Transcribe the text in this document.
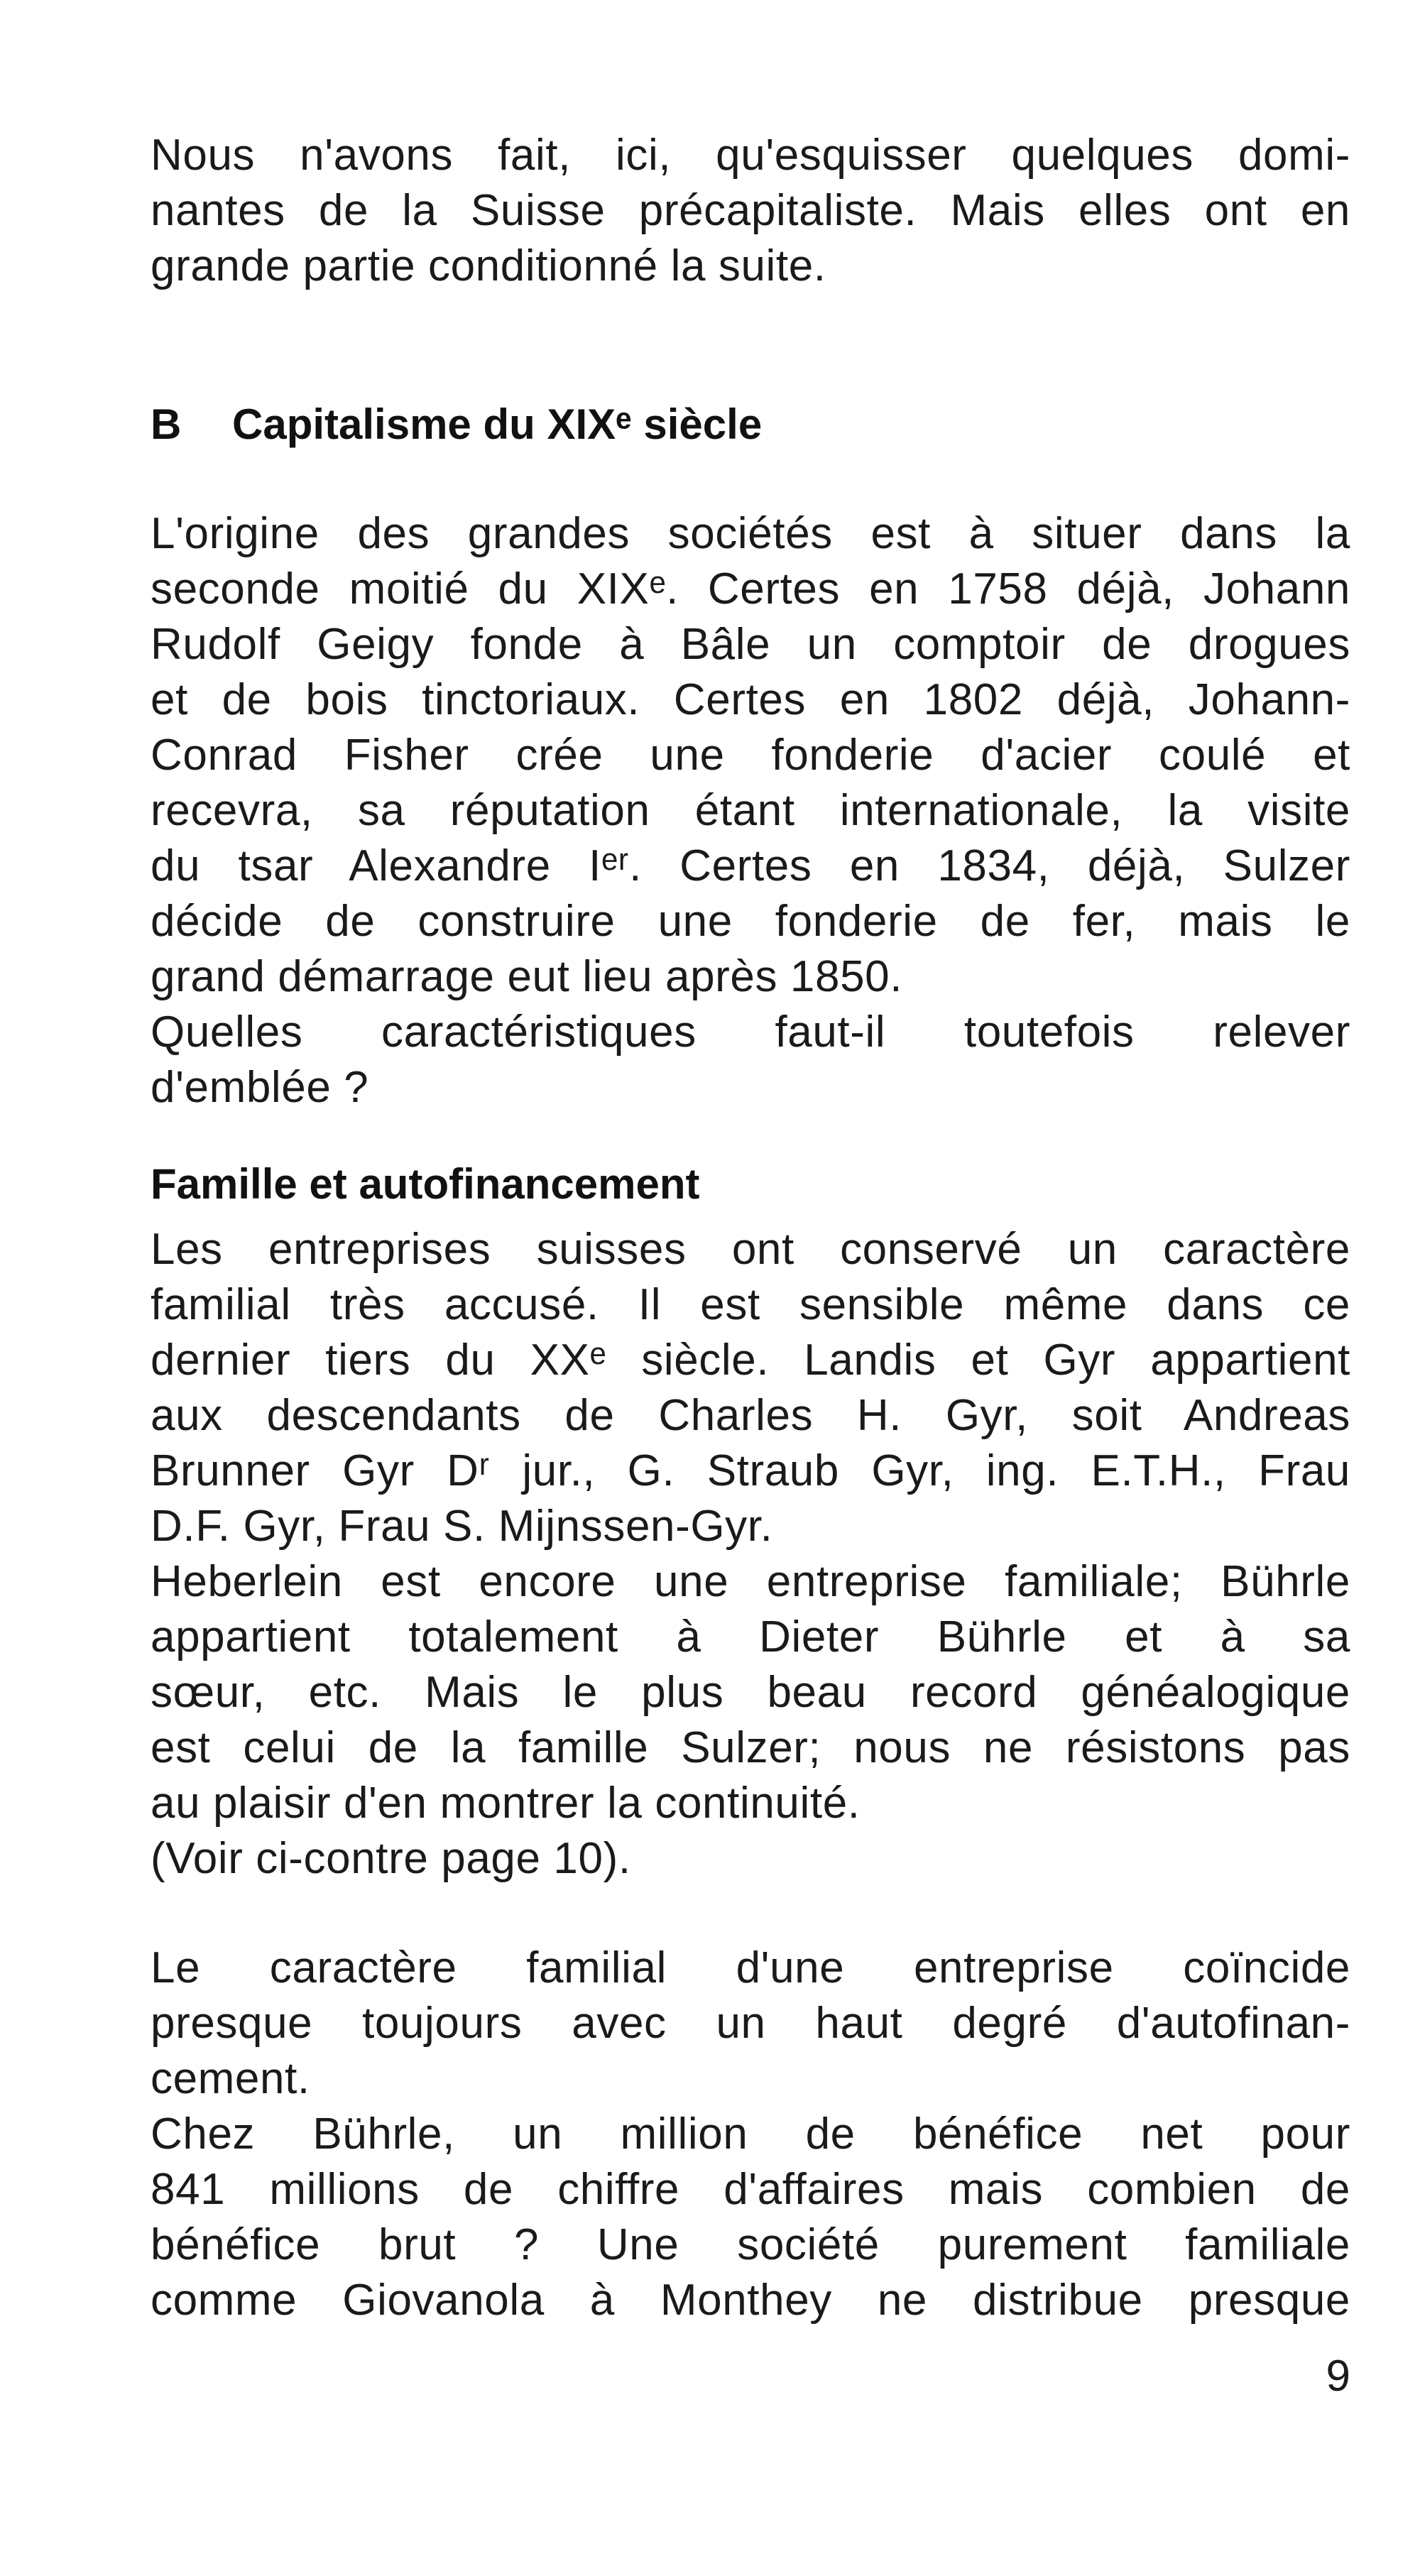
Nous n'avons fait, ici, qu'esquisser quelques domi-
nantes de la Suisse précapitaliste. Mais elles ont en
grande partie conditionné la suite.
B Capitalisme du XIXᵉ siècle
L'origine des grandes sociétés est à situer dans la
seconde moitié du XIXᵉ. Certes en 1758 déjà, Johann
Rudolf Geigy fonde à Bâle un comptoir de drogues
et de bois tinctoriaux. Certes en 1802 déjà, Johann-
Conrad Fisher crée une fonderie d'acier coulé et
recevra, sa réputation étant internationale, la visite
du tsar Alexandre Iᵉʳ. Certes en 1834, déjà, Sulzer
décide de construire une fonderie de fer, mais le
grand démarrage eut lieu après 1850.
Quelles caractéristiques faut-il toutefois relever
d'emblée ?
Famille et autofinancement
Les entreprises suisses ont conservé un caractère
familial très accusé. Il est sensible même dans ce
dernier tiers du XXᵉ siècle. Landis et Gyr appartient
aux descendants de Charles H. Gyr, soit Andreas
Brunner Gyr Dʳ jur., G. Straub Gyr, ing. E.T.H., Frau
D.F. Gyr, Frau S. Mijnssen-Gyr.
Heberlein est encore une entreprise familiale; Bührle
appartient totalement à Dieter Bührle et à sa
sœur, etc. Mais le plus beau record généalogique
est celui de la famille Sulzer; nous ne résistons pas
au plaisir d'en montrer la continuité.
(Voir ci-contre page 10).
Le caractère familial d'une entreprise coïncide
presque toujours avec un haut degré d'autofinan-
cement.
Chez Bührle, un million de bénéfice net pour
841 millions de chiffre d'affaires mais combien de
bénéfice brut ? Une société purement familiale
comme Giovanola à Monthey ne distribue presque
9
